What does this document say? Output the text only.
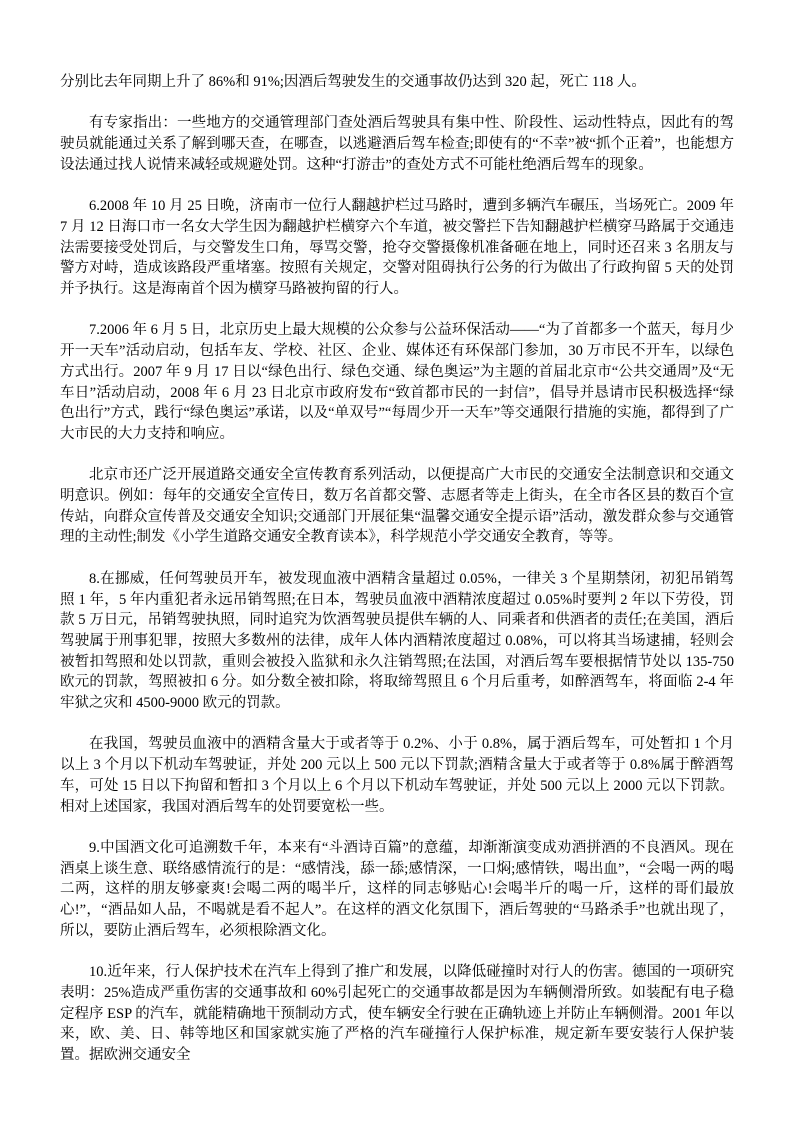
分别比去年同期上升了 86%和 91%;因酒后驾驶发生的交通事故仍达到 320 起，死亡 118 人。

有专家指出：一些地方的交通管理部门查处酒后驾驶具有集中性、阶段性、运动性特点，因此有的驾驶员就能通过关系了解到哪天查，在哪查，以逃避酒后驾车检查;即使有的“不幸”被“抓个正着”，也能想方设法通过找人说情来减轻或规避处罚。这种“打游击”的查处方式不可能杜绝酒后驾车的现象。

6.2008 年 10 月 25 日晚，济南市一位行人翻越护栏过马路时，遭到多辆汽车碾压，当场死亡。2009 年 7 月 12 日海口市一名女大学生因为翻越护栏横穿六个车道，被交警拦下告知翻越护栏横穿马路属于交通违法需要接受处罚后，与交警发生口角，辱骂交警，抢夺交警摄像机准备砸在地上，同时还召来 3 名朋友与警方对峙，造成该路段严重堵塞。按照有关规定，交警对阻碍执行公务的行为做出了行政拘留 5 天的处罚并予执行。这是海南首个因为横穿马路被拘留的行人。

7.2006 年 6 月 5 日，北京历史上最大规模的公众参与公益环保活动——“为了首都多一个蓝天，每月少开一天车”活动启动，包括车友、学校、社区、企业、媒体还有环保部门参加，30 万市民不开车，以绿色方式出行。2007 年 9 月 17 日以“绿色出行、绿色交通、绿色奥运”为主题的首届北京市“公共交通周”及“无车日”活动启动，2008 年 6 月 23 日北京市政府发布“致首都市民的一封信”，倡导并恳请市民积极选择“绿色出行”方式，践行“绿色奥运”承诺，以及“单双号”“每周少开一天车”等交通限行措施的实施，都得到了广大市民的大力支持和响应。

北京市还广泛开展道路交通安全宣传教育系列活动，以便提高广大市民的交通安全法制意识和交通文明意识。例如：每年的交通安全宣传日，数万名首都交警、志愿者等走上街头，在全市各区县的数百个宣传站，向群众宣传普及交通安全知识;交通部门开展征集“温馨交通安全提示语”活动，激发群众参与交通管理的主动性;制发《小学生道路交通安全教育读本》，科学规范小学交通安全教育，等等。

8.在挪威，任何驾驶员开车，被发现血液中酒精含量超过 0.05%，一律关 3 个星期禁闭，初犯吊销驾照 1 年，5 年内重犯者永远吊销驾照;在日本，驾驶员血液中酒精浓度超过 0.05%时要判 2 年以下劳役，罚款 5 万日元，吊销驾驶执照，同时追究为饮酒驾驶员提供车辆的人、同乘者和供酒者的责任;在美国，酒后驾驶属于刑事犯罪，按照大多数州的法律，成年人体内酒精浓度超过 0.08%，可以将其当场逮捕，轻则会被暂扣驾照和处以罚款，重则会被投入监狱和永久注销驾照;在法国，对酒后驾车要根据情节处以 135-750 欧元的罚款，驾照被扣 6 分。如分数全被扣除，将取缔驾照且 6 个月后重考，如醉酒驾车，将面临 2-4 年牢狱之灾和 4500-9000 欧元的罚款。

在我国，驾驶员血液中的酒精含量大于或者等于 0.2%、小于 0.8%，属于酒后驾车，可处暂扣 1 个月以上 3 个月以下机动车驾驶证，并处 200 元以上 500 元以下罚款;酒精含量大于或者等于 0.8%属于醉酒驾车，可处 15 日以下拘留和暂扣 3 个月以上 6 个月以下机动车驾驶证，并处 500 元以上 2000 元以下罚款。相对上述国家，我国对酒后驾车的处罚要宽松一些。

9.中国酒文化可追溯数千年，本来有“斗酒诗百篇”的意蕴，却渐渐演变成劝酒拼酒的不良酒风。现在酒桌上谈生意、联络感情流行的是：“感情浅，舔一舔;感情深，一口焖;感情铁，喝出血”，“会喝一两的喝二两，这样的朋友够豪爽!会喝二两的喝半斤，这样的同志够贴心!会喝半斤的喝一斤，这样的哥们最放心!”，“酒品如人品，不喝就是看不起人”。在这样的酒文化氛围下，酒后驾驶的“马路杀手”也就出现了，所以，要防止酒后驾车，必须根除酒文化。

10.近年来，行人保护技术在汽车上得到了推广和发展，以降低碰撞时对行人的伤害。德国的一项研究表明：25%造成严重伤害的交通事故和 60%引起死亡的交通事故都是因为车辆侧滑所致。如装配有电子稳定程序 ESP 的汽车，就能精确地干预制动方式，使车辆安全行驶在正确轨迹上并防止车辆侧滑。2001 年以来，欧、美、日、韩等地区和国家就实施了严格的汽车碰撞行人保护标准，规定新车要安装行人保护装置。据欧洲交通安全
